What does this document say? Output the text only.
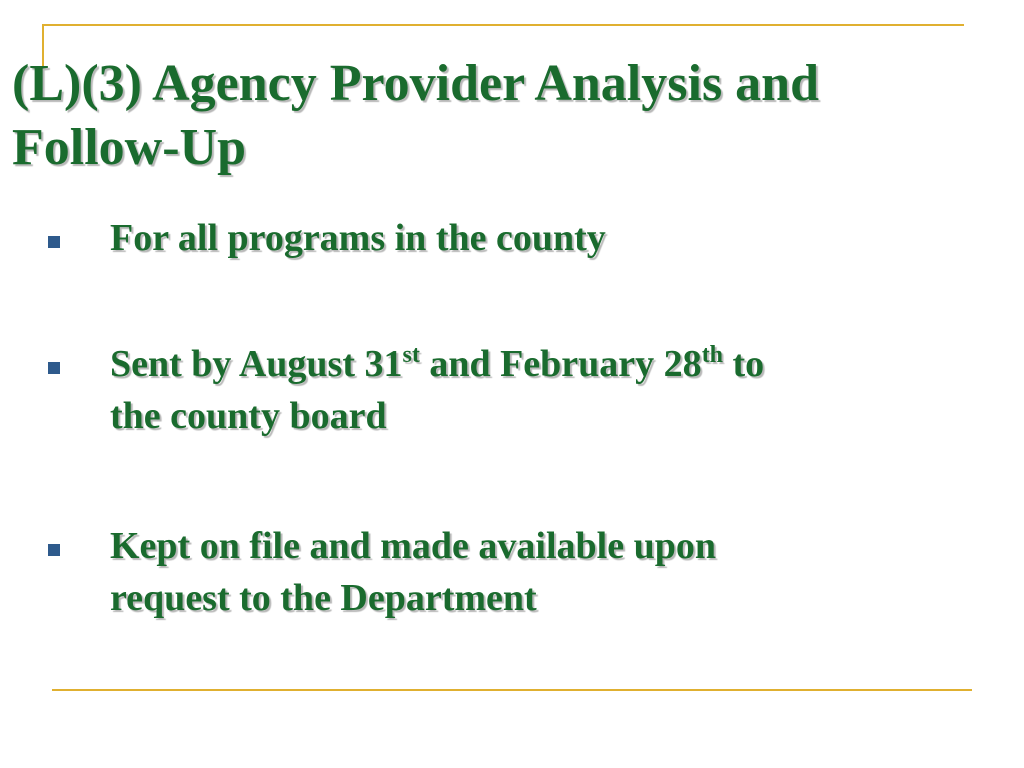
(L)(3) Agency Provider Analysis and
Follow-Up
For all programs in the county
Sent by August 31st and February 28th to
the county board
Kept on file and made available upon
request to the Department
